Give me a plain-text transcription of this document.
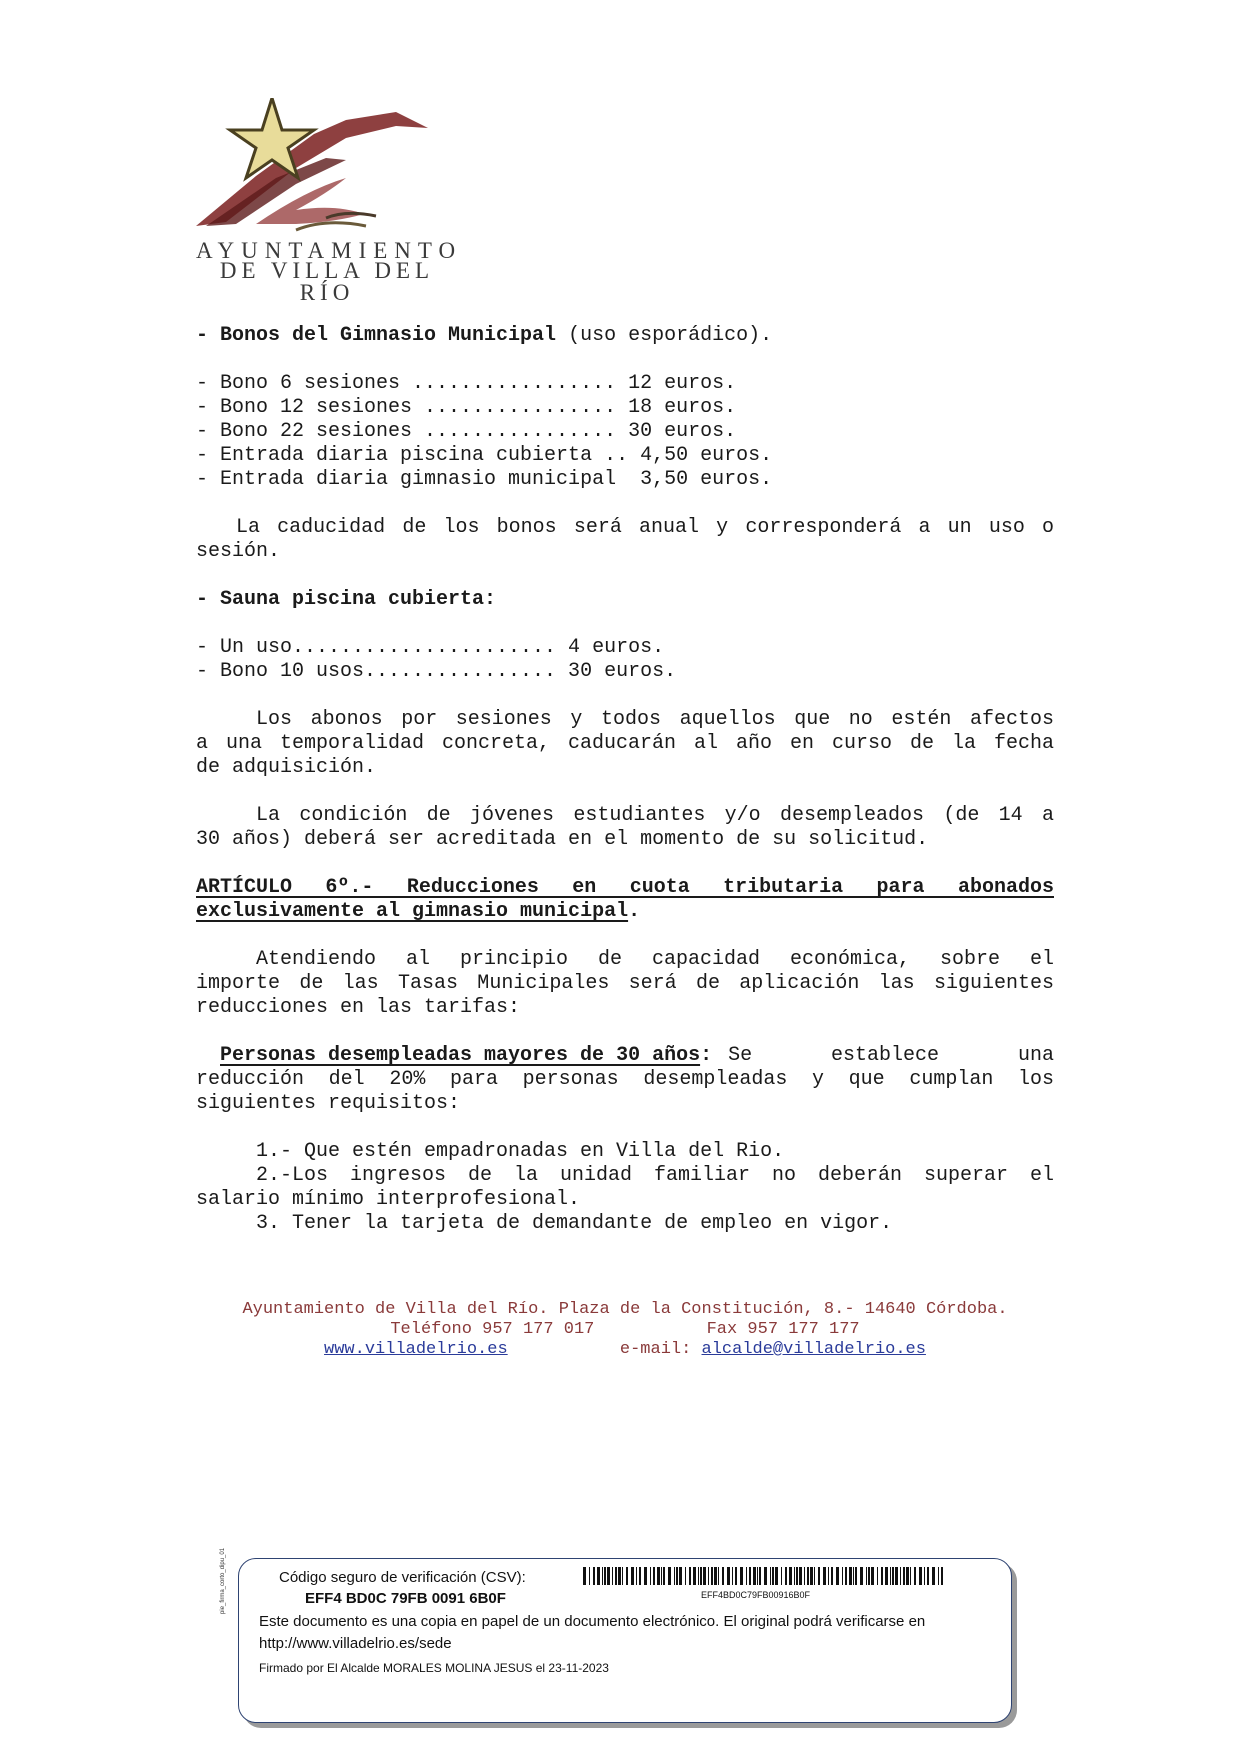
AYUNTAMIENTO
DE VILLA DEL RÍO
- Bonos del Gimnasio Municipal (uso esporádico).
- Bono 6 sesiones ................. 12 euros.
- Bono 12 sesiones ................ 18 euros.
- Bono 22 sesiones ................ 30 euros.
- Entrada diaria piscina cubierta .. 4,50 euros.
- Entrada diaria gimnasio municipal  3,50 euros.
La caducidad de los bonos será anual y corresponderá a un uso o
sesión.
- Sauna piscina cubierta:
- Un uso...................... 4 euros.
- Bono 10 usos................ 30 euros.
Los abonos por sesiones y todos aquellos que no estén afectos
a una temporalidad concreta, caducarán al año en curso de la fecha
de adquisición.
La condición de jóvenes estudiantes y/o desempleados (de 14 a
30 años) deberá ser acreditada en el momento de su solicitud.
ARTÍCULO 6º.- Reducciones en cuota tributaria para abonados
exclusivamente al gimnasio municipal.
Atendiendo al principio de capacidad económica, sobre el
importe de las Tasas Municipales será de aplicación las siguientes
reducciones en las tarifas:
Personas desempleadas mayores de 30 años: Se establece una
reducción del 20% para personas desempleadas y que cumplan los
siguientes requisitos:
1.- Que estén empadronadas en Villa del Rio.
2.-Los ingresos de la unidad familiar no deberán superar el
salario mínimo interprofesional.
3. Tener la tarjeta de demandante de empleo en vigor.
Ayuntamiento de Villa del Río. Plaza de la Constitución, 8.- 14640 Córdoba.
Teléfono 957 177 017	Fax 957 177 177
www.villadelrio.es	e-mail: alcalde@villadelrio.es
pie_firma_corto_dipu_01	Código seguro de verificación (CSV):
EFF4 BD0C 79FB 0091 6B0F	EFF4BD0C79FB00916B0F
Este documento es una copia en papel de un documento electrónico. El original podrá verificarse en
http://www.villadelrio.es/sede
Firmado por El Alcalde MORALES MOLINA JESUS el 23-11-2023
